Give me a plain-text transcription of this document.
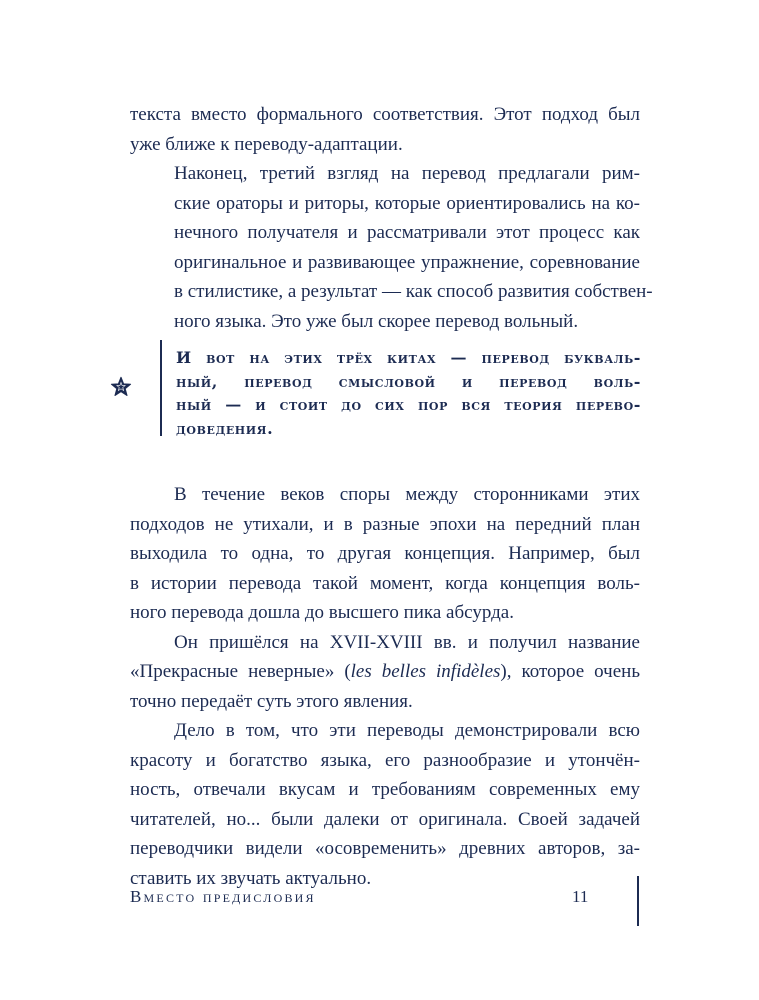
текста вместо формального соответствия. Этот подход был
уже ближе к переводу-адаптации.

Наконец, третий взгляд на перевод предлагали рим-
ские ораторы и риторы, которые ориентировались на ко-
нечного получателя и рассматривали этот процесс как
оригинальное и развивающее упражнение, соревнование
в стилистике, а результат — как способ развития собствен-
ного языка. Это уже был скорее перевод вольный.

И вот на этих трёх китах — перевод букваль-
ный, перевод смысловой и перевод воль-
ный — и стоит до сих пор вся теория перево-
доведения.

В течение веков споры между сторонниками этих
подходов не утихали, и в разные эпохи на передний план
выходила то одна, то другая концепция. Например, был
в истории перевода такой момент, когда концепция воль-
ного перевода дошла до высшего пика абсурда.

Он пришёлся на XVII-XVIII вв. и получил название
«Прекрасные неверные» (les belles infidèles), которое очень
точно передаёт суть этого явления.

Дело в том, что эти переводы демонстрировали всю
красоту и богатство языка, его разнообразие и утончён-
ность, отвечали вкусам и требованиям современных ему
читателей, но... были далеки от оригинала. Своей задачей
переводчики видели «осовременить» древних авторов, за-
ставить их звучать актуально.

Вместо предисловия	11
